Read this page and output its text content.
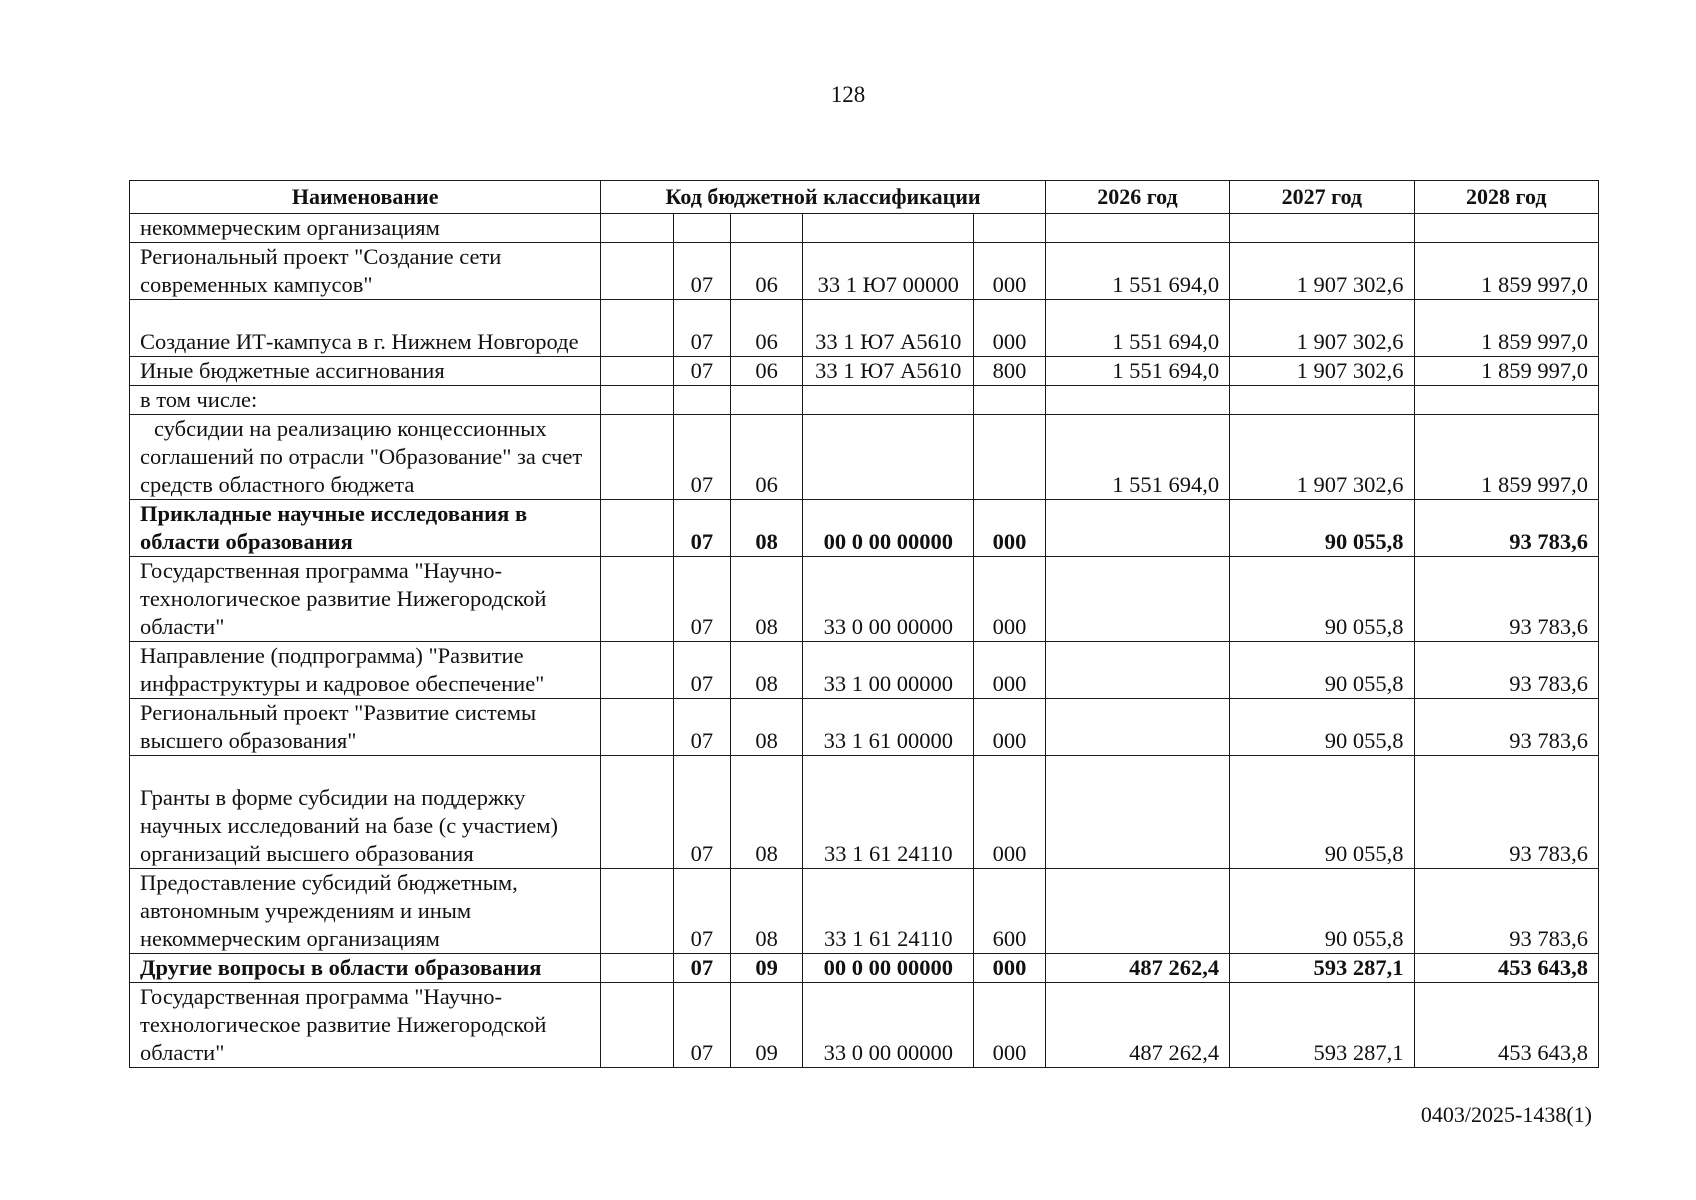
128
Наименование	Код бюджетной классификации					2026 год	2027 год	2028 год
некоммерческим организациям								
Региональный проект "Создание сети современных кампусов"		07	06	33 1 Ю7 00000	000	1 551 694,0	1 907 302,6	1 859 997,0
Создание ИТ-кампуса в г. Нижнем Новгороде		07	06	33 1 Ю7 А5610	000	1 551 694,0	1 907 302,6	1 859 997,0
Иные бюджетные ассигнования		07	06	33 1 Ю7 А5610	800	1 551 694,0	1 907 302,6	1 859 997,0
в том числе:								
субсидии на реализацию концессионных соглашений по отрасли "Образование" за счет средств областного бюджета		07	06			1 551 694,0	1 907 302,6	1 859 997,0
Прикладные научные исследования в области образования		07	08	00 0 00 00000	000		90 055,8	93 783,6
Государственная программа "Научно-технологическое развитие Нижегородской области"		07	08	33 0 00 00000	000		90 055,8	93 783,6
Направление (подпрограмма) "Развитие инфраструктуры и кадровое обеспечение"		07	08	33 1 00 00000	000		90 055,8	93 783,6
Региональный проект "Развитие системы высшего образования"		07	08	33 1 61 00000	000		90 055,8	93 783,6
Гранты в форме субсидии на поддержку научных исследований на базе (с участием) организаций высшего образования		07	08	33 1 61 24110	000		90 055,8	93 783,6
Предоставление субсидий бюджетным, автономным учреждениям и иным некоммерческим организациям		07	08	33 1 61 24110	600		90 055,8	93 783,6
Другие вопросы в области образования		07	09	00 0 00 00000	000	487 262,4	593 287,1	453 643,8
Государственная программа "Научно-технологическое развитие Нижегородской области"		07	09	33 0 00 00000	000	487 262,4	593 287,1	453 643,8
0403/2025-1438(1)
